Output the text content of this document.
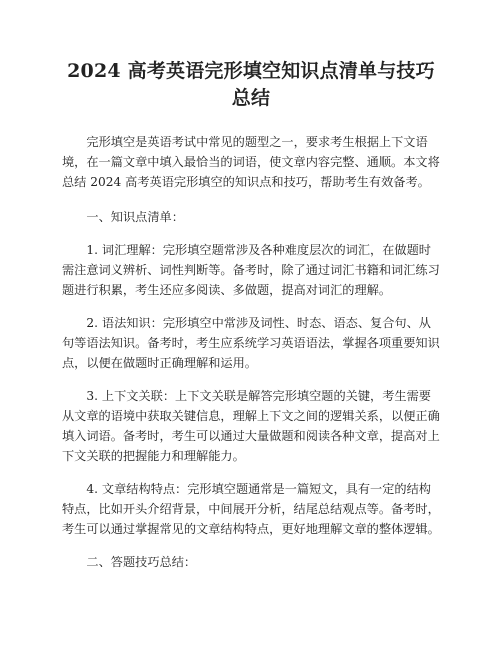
2024 高考英语完形填空知识点清单与技巧总结

完形填空是英语考试中常见的题型之一，要求考生根据上下文语境，在一篇文章中填入最恰当的词语，使文章内容完整、通顺。本文将总结 2024 高考英语完形填空的知识点和技巧，帮助考生有效备考。

一、知识点清单：

1. 词汇理解：完形填空题常涉及各种难度层次的词汇，在做题时需注意词义辨析、词性判断等。备考时，除了通过词汇书籍和词汇练习题进行积累，考生还应多阅读、多做题，提高对词汇的理解。

2. 语法知识：完形填空中常涉及词性、时态、语态、复合句、从句等语法知识。备考时，考生应系统学习英语语法，掌握各项重要知识点，以便在做题时正确理解和运用。

3. 上下文关联：上下文关联是解答完形填空题的关键，考生需要从文章的语境中获取关键信息，理解上下文之间的逻辑关系，以便正确填入词语。备考时，考生可以通过大量做题和阅读各种文章，提高对上下文关联的把握能力和理解能力。

4. 文章结构特点：完形填空题通常是一篇短文，具有一定的结构特点，比如开头介绍背景，中间展开分析，结尾总结观点等。备考时，考生可以通过掌握常见的文章结构特点，更好地理解文章的整体逻辑。

二、答题技巧总结：
